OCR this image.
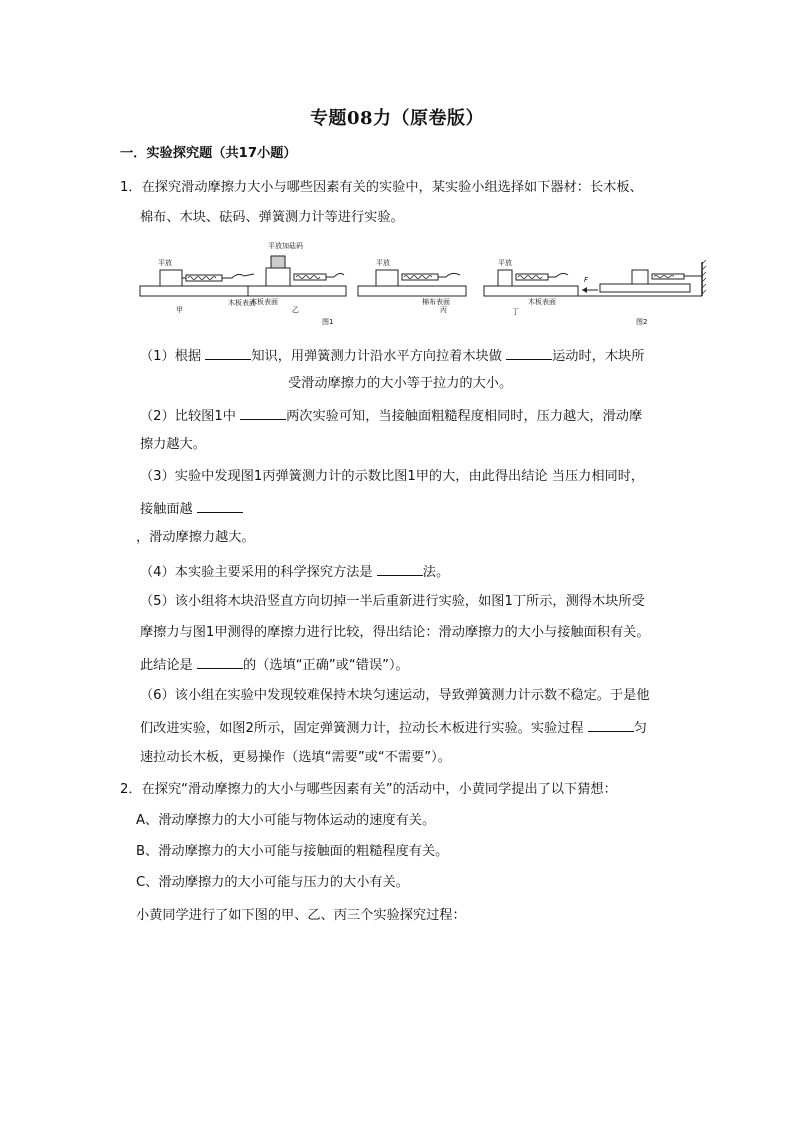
专题08力（原卷版）
一．实验探究题（共17小题）
1．在探究滑动摩擦力大小与哪些因素有关的实验中，某实验小组选择如下器材：长木板、
棉布、木块、砝码、弹簧测力计等进行实验。
平放
木板表面
甲
平放加砝码
木板表面
乙
平放
棉布表面
丙
平放
木板表面
丁
图1
F
图2
（1）根据	知识，用弹簧测力计沿水平方向拉着木块做	运动时，木块所
受滑动摩擦力的大小等于拉力的大小。
（2）比较图1中	两次实验可知，当接触面粗糙程度相同时，压力越大，滑动摩
擦力越大。
（3）实验中发现图1丙弹簧测力计的示数比图1甲的大，由此得出结论 当压力相同时，
接触面越
，滑动摩擦力越大。
（4）本实验主要采用的科学探究方法是	法。
（5）该小组将木块沿竖直方向切掉一半后重新进行实验，如图1丁所示，测得木块所受
摩擦力与图1甲测得的摩擦力进行比较，得出结论：滑动摩擦力的大小与接触面积有关。
此结论是	的（选填“正确”或“错误”）。
（6）该小组在实验中发现较难保持木块匀速运动，导致弹簧测力计示数不稳定。于是他
们改进实验，如图2所示，固定弹簧测力计，拉动长木板进行实验。实验过程	匀
速拉动长木板，更易操作（选填“需要”或“不需要”）。
2．在探究“滑动摩擦力的大小与哪些因素有关”的活动中，小黄同学提出了以下猜想：
A、滑动摩擦力的大小可能与物体运动的速度有关。
B、滑动摩擦力的大小可能与接触面的粗糙程度有关。
C、滑动摩擦力的大小可能与压力的大小有关。
小黄同学进行了如下图的甲、乙、丙三个实验探究过程：
